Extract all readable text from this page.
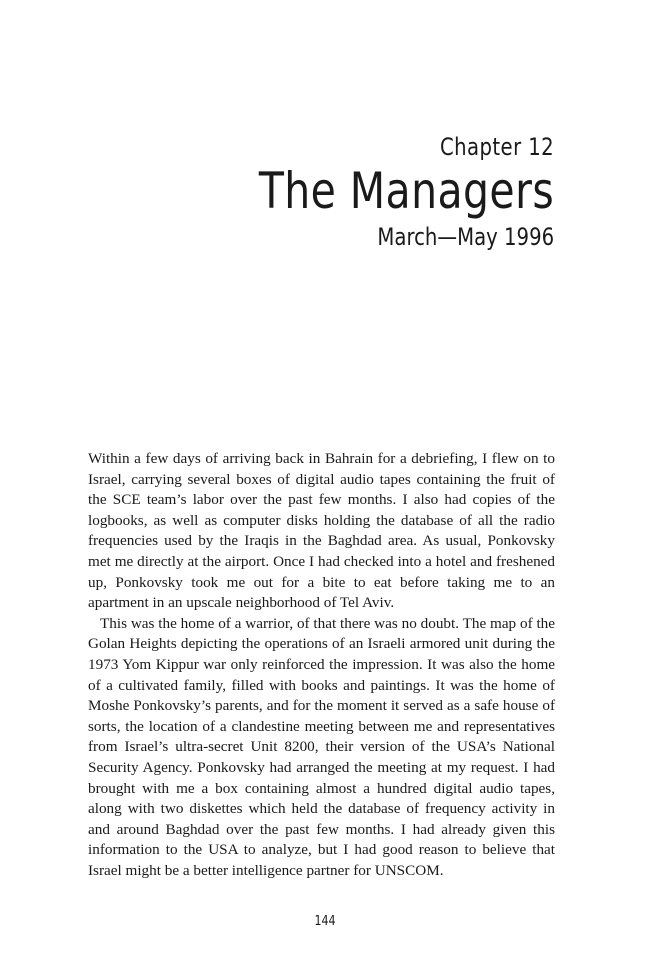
Chapter 12
The Managers
March—May 1996

Within a few days of arriving back in Bahrain for a debriefing, I flew on to Israel, carrying several boxes of digital audio tapes containing the fruit of the SCE team’s labor over the past few months. I also had copies of the logbooks, as well as computer disks holding the database of all the radio frequencies used by the Iraqis in the Baghdad area. As usual, Ponkovsky met me directly at the airport. Once I had checked into a hotel and freshened up, Ponkovsky took me out for a bite to eat before taking me to an apartment in an upscale neighborhood of Tel Aviv.

This was the home of a warrior, of that there was no doubt. The map of the Golan Heights depicting the operations of an Israeli armored unit during the 1973 Yom Kippur war only reinforced the impression. It was also the home of a cultivated family, filled with books and paintings. It was the home of Moshe Ponkovsky’s parents, and for the moment it served as a safe house of sorts, the location of a clandestine meeting between me and representatives from Israel’s ultra-secret Unit 8200, their version of the USA’s National Security Agency. Ponkovsky had arranged the meeting at my request. I had brought with me a box containing almost a hundred digital audio tapes, along with two diskettes which held the database of frequency activity in and around Baghdad over the past few months. I had already given this information to the USA to analyze, but I had good reason to believe that Israel might be a better intelligence partner for UNSCOM.

144
